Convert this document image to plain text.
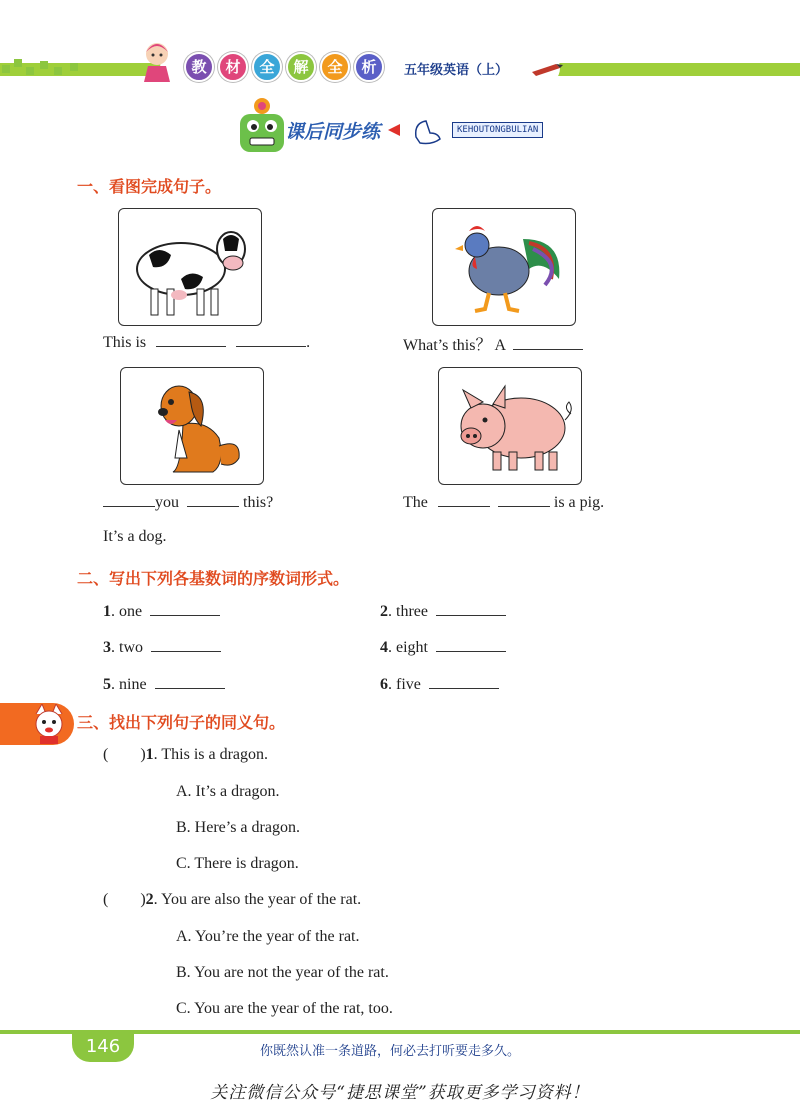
教	材	全	解	全	析	五年级英语（上）
课后同步练	KEHOUTONGBULIAN
一、看图完成句子。
This is	.	What’s this？ A
you	this?	The	is a pig.
It’s a dog.
二、写出下列各基数词的序数词形式。
1. one	2. three
3. two	4. eight
5. nine	6. five
三、找出下列句子的同义句。
(        )1. This is a dragon.
A. It’s a dragon.
B. Here’s a dragon.
C. There is dragon.
(        )2. You are also the year of the rat.
A. You’re the year of the rat.
B. You are not the year of the rat.
C. You are the year of the rat, too.
146	你既然认准一条道路，何必去打听要走多久。
关注微信公众号“捷思课堂”获取更多学习资料！
